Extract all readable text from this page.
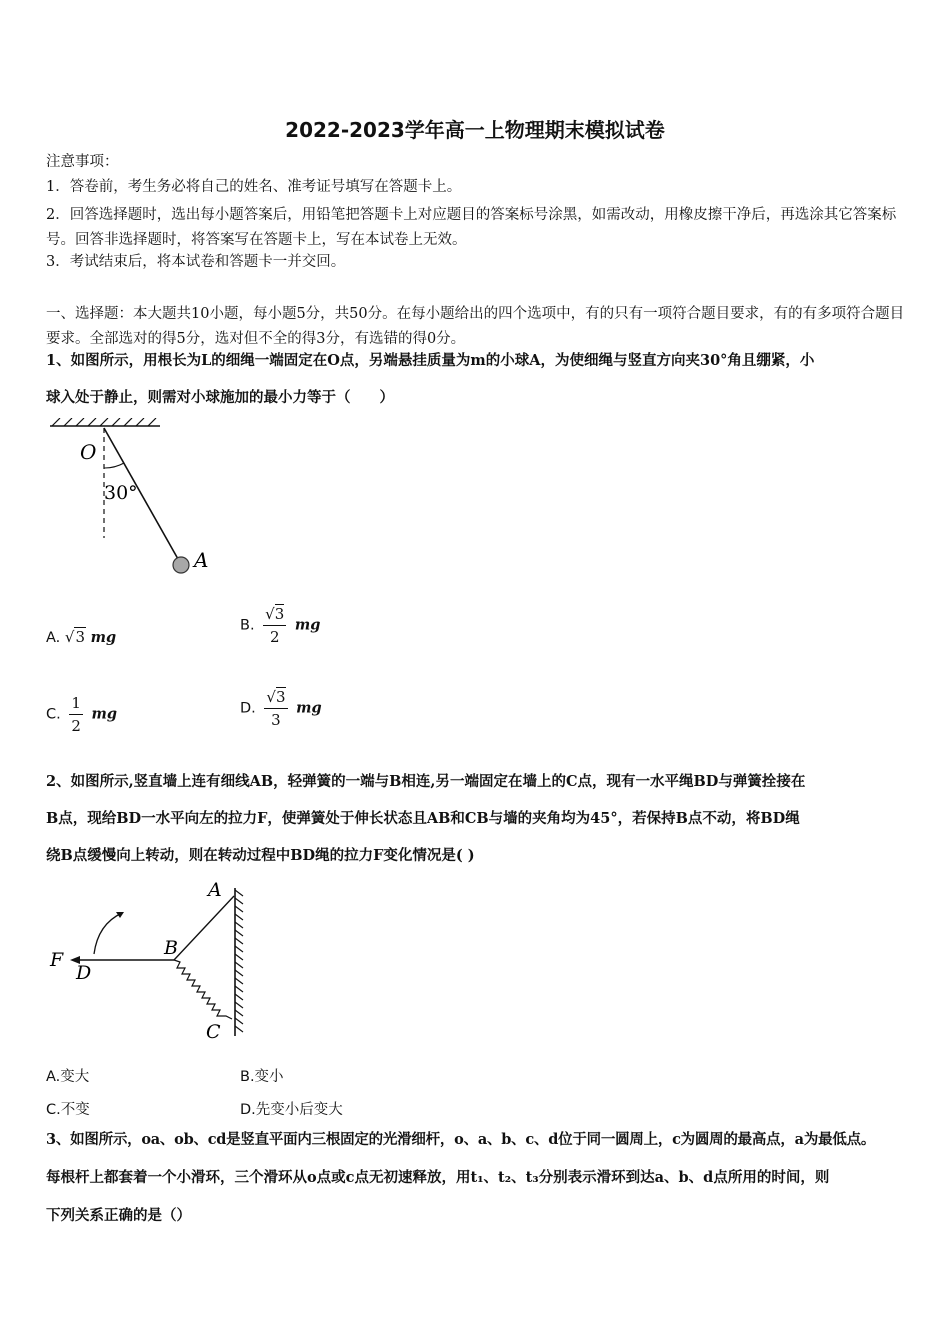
2022-2023学年高一上物理期末模拟试卷
注意事项：
1．答卷前，考生务必将自己的姓名、准考证号填写在答题卡上。
2．回答选择题时，选出每小题答案后，用铅笔把答题卡上对应题目的答案标号涂黑，如需改动，用橡皮擦干净后，再选涂其它答案标号。回答非选择题时，将答案写在答题卡上，写在本试卷上无效。
3．考试结束后，将本试卷和答题卡一并交回。
一、选择题：本大题共10小题，每小题5分，共50分。在每小题给出的四个选项中，有的只有一项符合题目要求，有的有多项符合题目要求。全部选对的得5分，选对但不全的得3分，有选错的得0分。
1、如图所示，用根长为L的细绳一端固定在O点，另端悬挂质量为m的小球A，为使细绳与竖直方向夹30°角且绷紧，小
球入处于静止，则需对小球施加的最小力等于（　　）
O
30°
A
A. √3 mg
B. $\frac{√3}{2}$ mg
C. $\frac{1}{2}$ mg	D. $\frac{√3}{3}$ mg
2、如图所示,竖直墙上连有细线AB，轻弹簧的一端与B相连,另一端固定在墙上的C点，现有一水平绳BD与弹簧拴接在
B点，现给BD一水平向左的拉力F，使弹簧处于伸长状态且AB和CB与墙的夹角均为45°，若保持B点不动，将BD绳
绕B点缓慢向上转动，则在转动过程中BD绳的拉力F变化情况是( )
A
B
C
D
F
A.变大	B.变小
C.不变	D.先变小后变大
3、如图所示，oa、ob、cd是竖直平面内三根固定的光滑细杆，o、a、b、c、d位于同一圆周上，c为圆周的最高点，a为最低点。
每根杆上都套着一个小滑环，三个滑环从o点或c点无初速释放，用t₁、t₂、t₃分别表示滑环到达a、b、d点所用的时间，则
下列关系正确的是（）
